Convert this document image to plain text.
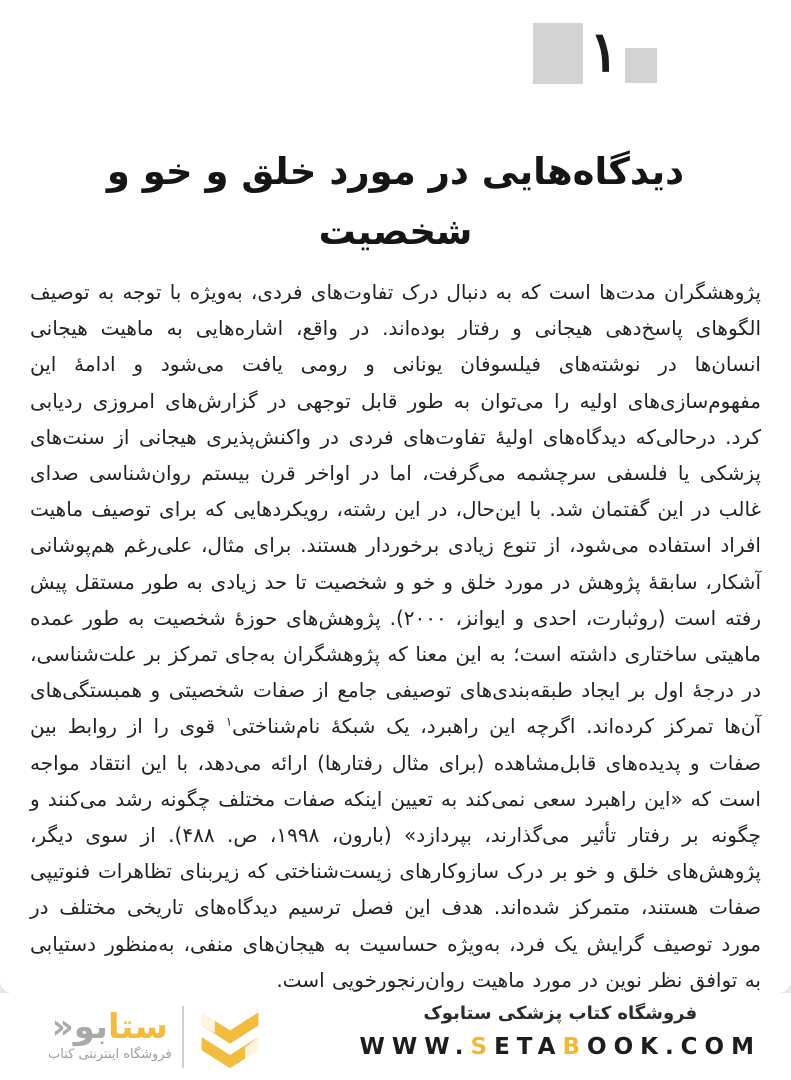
۱
دیدگاه‌هایی در مورد خلق و خو و شخصیت

پژوهشگران مدت‌ها است که به دنبال درک تفاوت‌های فردی، به‌ویژه با توجه به توصیف الگوهای پاسخ‌دهی هیجانی و رفتار بوده‌اند. در واقع، اشاره‌هایی به ماهیت هیجانی انسان‌ها در نوشته‌های فیلسوفان یونانی و رومی یافت می‌شود و ادامهٔ این مفهوم‌سازی‌های اولیه را می‌توان به طور قابل توجهی در گزارش‌های امروزی ردیابی کرد. درحالی‌که دیدگاه‌های اولیهٔ تفاوت‌های فردی در واکنش‌پذیری هیجانی از سنت‌های پزشکی یا فلسفی سرچشمه می‌گرفت، اما در اواخر قرن بیستم روان‌شناسی صدای غالب در این گفتمان شد. با این‌حال، در این رشته، رویکردهایی که برای توصیف ماهیت افراد استفاده می‌شود، از تنوع زیادی برخوردار هستند. برای مثال، علی‌رغم هم‌پوشانی آشکار، سابقهٔ پژوهش در مورد خلق و خو و شخصیت تا حد زیادی به طور مستقل پیش رفته است (روثبارت، احدی و ایوانز، ۲۰۰۰). پژوهش‌های حوزهٔ شخصیت به طور عمده ماهیتی ساختاری داشته است؛ به این معنا که پژوهشگران به‌جای تمرکز بر علت‌شناسی، در درجهٔ اول بر ایجاد طبقه‌بندی‌های توصیفی جامع از صفات شخصیتی و همبستگی‌های آن‌ها تمرکز کرده‌اند. اگرچه این راهبرد، یک شبکهٔ نام‌شناختی$^۱$ قوی را از روابط بین صفات و پدیده‌های قابل‌مشاهده (برای مثال رفتارها) ارائه می‌دهد، با این انتقاد مواجه است که «این راهبرد سعی نمی‌کند به تعیین اینکه صفات مختلف چگونه رشد می‌کنند و چگونه بر رفتار تأثیر می‌گذارند، بپردازد» (بارون، ۱۹۹۸، ص. ۴۸۸). از سوی دیگر، پژوهش‌های خلق و خو بر درک سازوکارهای زیست‌شناختی که زیربنای تظاهرات فنوتیپی صفات هستند، متمرکز شده‌اند. هدف این فصل ترسیم دیدگاه‌های تاریخی مختلف در مورد توصیف گرایش یک فرد، به‌ویژه حساسیت به هیجان‌های منفی، به‌منظور دستیابی به توافق نظر نوین در مورد ماهیت روان‌رنجورخویی است.

فروشگاه کتاب پزشکی ستابوک
WWW.SETABOOK.COM
ستابو«
فروشگاه اینترنتی کتاب
